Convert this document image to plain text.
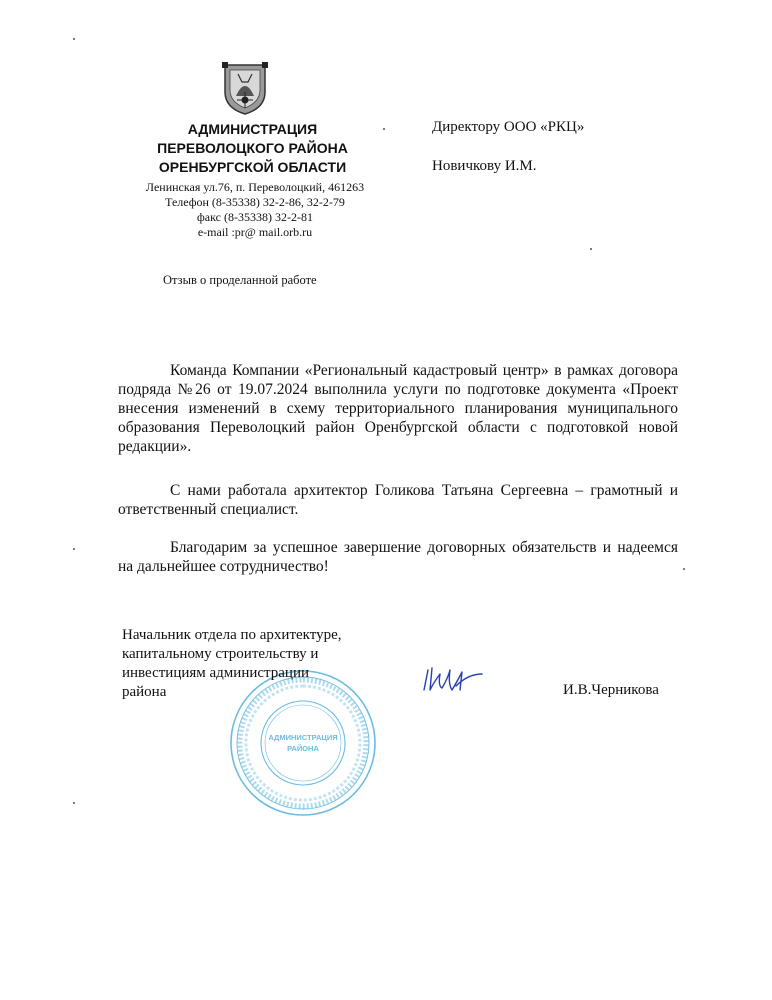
АДМИНИСТРАЦИЯ
ПЕРЕВОЛОЦКОГО РАЙОНА
ОРЕНБУРГСКОЙ ОБЛАСТИ
Ленинская ул.76, п. Переволоцкий, 461263
Телефон (8-35338) 32-2-86, 32-2-79
факс (8-35338) 32-2-81
e-mail :pr@ mail.orb.ru
Директору ООО «РКЦ»
Новичкову И.М.
Отзыв о проделанной работе
Команда Компании «Региональный кадастровый центр» в рамках договора подряда №26 от 19.07.2024 выполнила услуги по подготовке документа «Проект внесения изменений в схему территориального планирования муниципального образования Переволоцкий район Оренбургской области с подготовкой новой редакции».
С нами работала архитектор Голикова Татьяна Сергеевна – грамотный и ответственный специалист.
Благодарим за успешное завершение договорных обязательств и надеемся на дальнейшее сотрудничество!
АДМИНИСТРАЦИЯ
РАЙОНА
Начальник отдела по архитектуре,
капитальному строительству и
инвестициям администрации
района	И.В.Черникова
